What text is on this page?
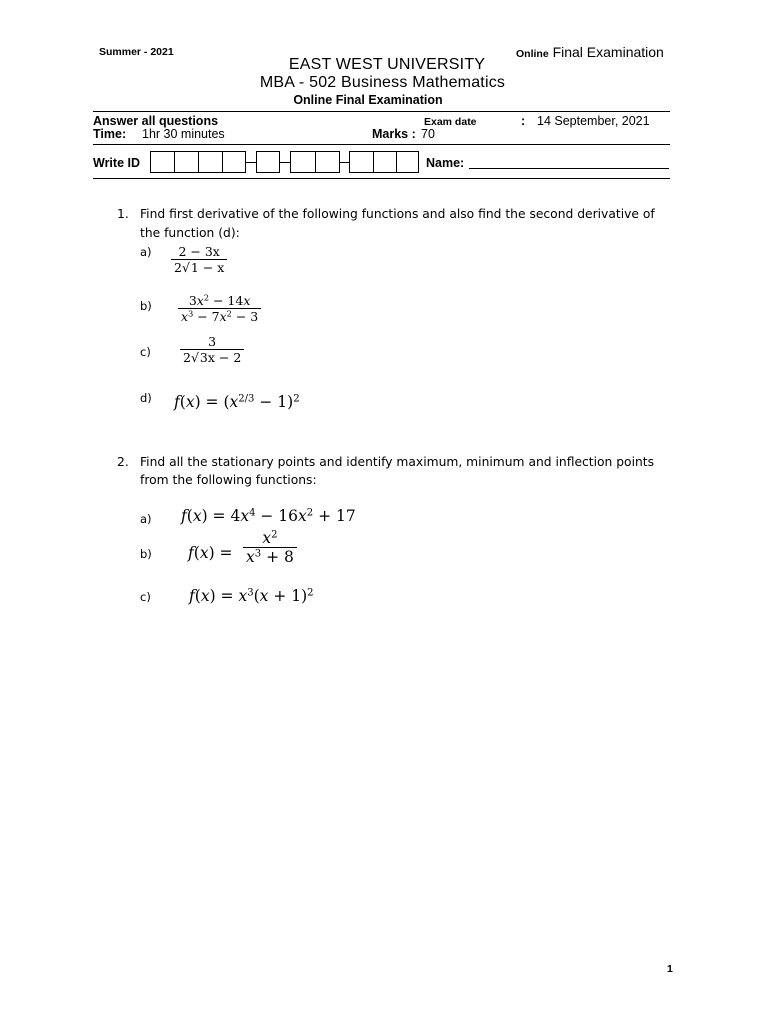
Summer - 2021	Online Final Examination
EAST WEST UNIVERSITY
MBA - 502 Business Mathematics
Online Final Examination
Answer all questions	Exam date	: 14 September, 2021
Time: 1hr 30 minutes	Marks : 70
Write ID	Name:
1. Find first derivative of the following functions and also find the second derivative of
the function (d):
a) 2 − 3x
2√1 − x
b)	$3x^2 - 14x$
$x^3 - 7x^2 - 3$
c)
3
2√3x − 2
d) $f(x) = (x^{2/3} - 1)^2$
2. Find all the stationary points and identify maximum, minimum and inflection points
from the following functions:
a) $f(x) = 4x^4 - 16x^2 + 17$
b) f(x) =
$x^2$
$x^3 + 8$
c) $f(x) = x^3(x + 1)^2$
1
